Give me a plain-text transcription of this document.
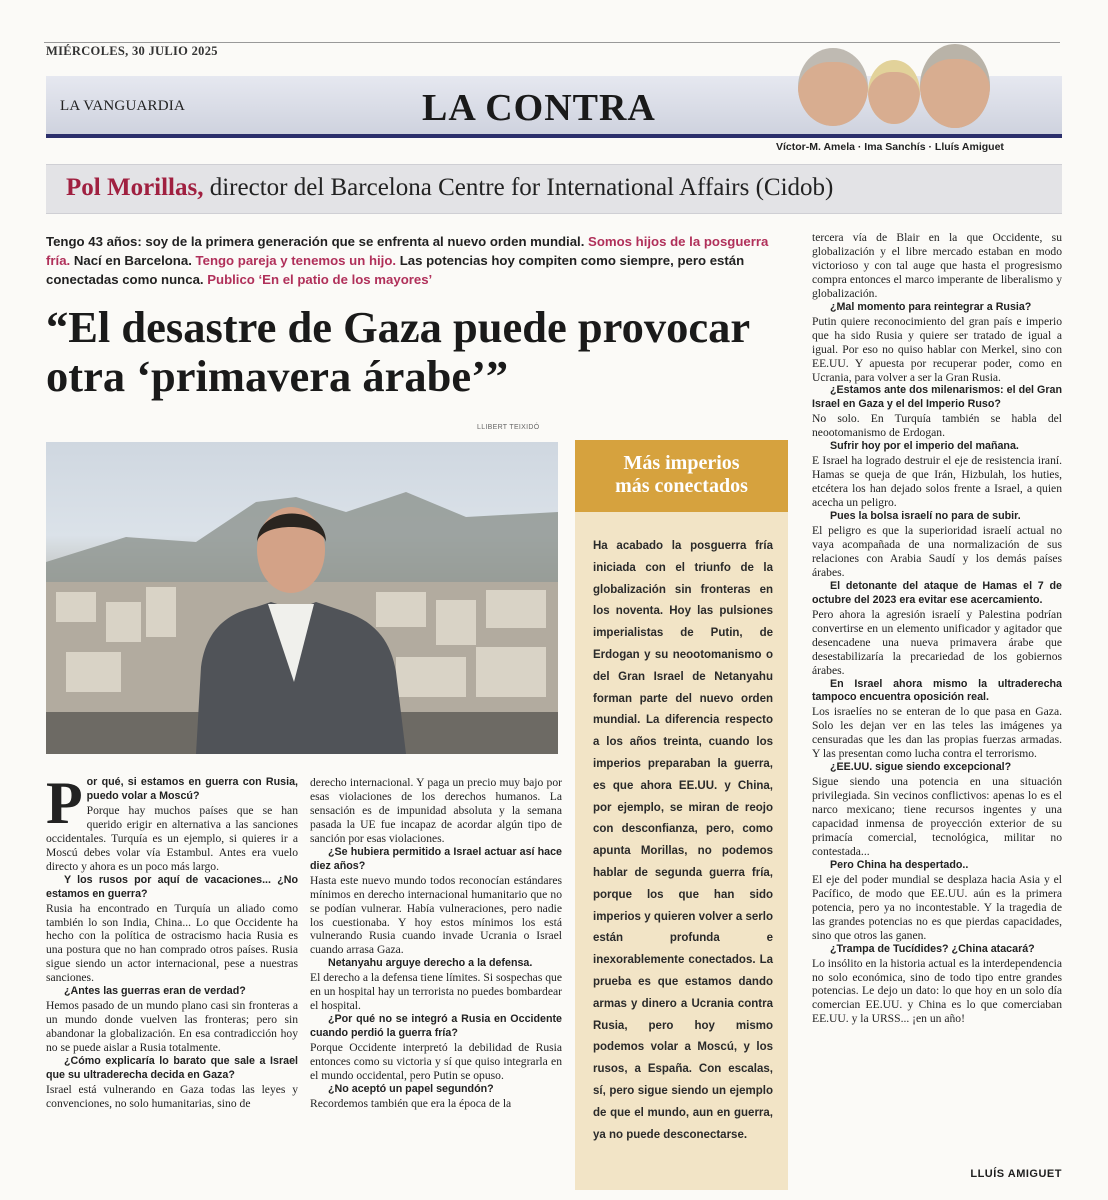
MIÉRCOLES, 30 JULIO 2025
LA VANGUARDIA	LA CONTRA
Víctor-M. Amela · Ima Sanchís · Lluís Amiguet
Pol Morillas, director del Barcelona Centre for International Affairs (Cidob)
Tengo 43 años: soy de la primera generación que se enfrenta al nuevo orden mundial. Somos hijos de la posguerra fría. Nací en Barcelona. Tengo pareja y tenemos un hijo. Las potencias hoy compiten como siempre, pero están conectadas como nunca. Publico ‘En el patio de los mayores’
“El desastre de Gaza puede provocar otra ‘primavera árabe’”
LLIBERT TEIXIDÓ
Más imperios
más conectados
Ha acabado la posguerra fría iniciada con el triunfo de la globalización sin fronteras en los noventa. Hoy las pulsiones imperialistas de Putin, de Erdogan y su neootomanismo o del Gran Israel de Netanyahu forman parte del nuevo orden mundial. La diferencia respecto a los años treinta, cuando los imperios preparaban la guerra, es que ahora EE.UU. y China, por ejemplo, se miran de reojo con desconfianza, pero, como apunta Morillas, no podemos hablar de segunda guerra fría, porque los que han sido imperios y quieren volver a serlo están profunda e inexorablemente conectados. La prueba es que estamos dando armas y dinero a Ucrania contra Rusia, pero hoy mismo podemos volar a Moscú, y los rusos, a España. Con escalas, sí, pero sigue siendo un ejemplo de que el mundo, aun en guerra, ya no puede desconectarse.
P or qué, si estamos en guerra con Rusia, puedo volar a Moscú?

Porque hay muchos países que se han querido erigir en alternativa a las sanciones occidentales. Turquía es un ejemplo, si quieres ir a Moscú debes volar vía Estambul. Antes era vuelo directo y ahora es un poco más largo.

Y los rusos por aquí de vacaciones... ¿No estamos en guerra?

Rusia ha encontrado en Turquía un aliado como también lo son India, China... Lo que Occidente ha hecho con la política de ostracismo hacia Rusia es una postura que no han comprado otros países. Rusia sigue siendo un actor internacional, pese a nuestras sanciones.

¿Antes las guerras eran de verdad?

Hemos pasado de un mundo plano casi sin fronteras a un mundo donde vuelven las fronteras; pero sin abandonar la globalización. En esa contradicción hoy no se puede aislar a Rusia totalmente.

¿Cómo explicaría lo barato que sale a Israel que su ultraderecha decida en Gaza?

Israel está vulnerando en Gaza todas las leyes y convenciones, no solo humanitarias, sino de

derecho internacional. Y paga un precio muy bajo por esas violaciones de los derechos humanos. La sensación es de impunidad absoluta y la semana pasada la UE fue incapaz de acordar algún tipo de sanción por esas violaciones.

¿Se hubiera permitido a Israel actuar así hace diez años?

Hasta este nuevo mundo todos reconocían estándares mínimos en derecho internacional humanitario que no se podían vulnerar. Había vulneraciones, pero nadie los cuestionaba. Y hoy estos mínimos los está vulnerando Rusia cuando invade Ucrania o Israel cuando arrasa Gaza.

Netanyahu arguye derecho a la defensa.

El derecho a la defensa tiene límites. Si sospechas que en un hospital hay un terrorista no puedes bombardear el hospital.

¿Por qué no se integró a Rusia en Occidente cuando perdió la guerra fría?

Porque Occidente interpretó la debilidad de Rusia entonces como su victoria y sí que quiso integrarla en el mundo occidental, pero Putin se opuso.

¿No aceptó un papel segundón?

Recordemos también que era la época de la

tercera vía de Blair en la que Occidente, su globalización y el libre mercado estaban en modo victorioso y con tal auge que hasta el progresismo compra entonces el marco imperante de liberalismo y globalización.

¿Mal momento para reintegrar a Rusia?

Putin quiere reconocimiento del gran país e imperio que ha sido Rusia y quiere ser tratado de igual a igual. Por eso no quiso hablar con Merkel, sino con EE.UU. Y apuesta por recuperar poder, como en Ucrania, para volver a ser la Gran Rusia.

¿Estamos ante dos milenarismos: el del Gran Israel en Gaza y el del Imperio Ruso?

No solo. En Turquía también se habla del neootomanismo de Erdogan.

Sufrir hoy por el imperio del mañana.

E Israel ha logrado destruir el eje de resistencia iraní. Hamas se queja de que Irán, Hizbulah, los huties, etcétera los han dejado solos frente a Israel, a quien acecha un peligro.

Pues la bolsa israelí no para de subir.

El peligro es que la superioridad israelí actual no vaya acompañada de una normalización de sus relaciones con Arabia Saudí y los demás países árabes.

El detonante del ataque de Hamas el 7 de octubre del 2023 era evitar ese acercamiento.

Pero ahora la agresión israelí y Palestina podrían convertirse en un elemento unificador y agitador que desencadene una nueva primavera árabe que desestabilizaría la precariedad de los gobiernos árabes.

En Israel ahora mismo la ultraderecha tampoco encuentra oposición real.

Los israelíes no se enteran de lo que pasa en Gaza. Solo les dejan ver en las teles las imágenes ya censuradas que les dan las propias fuerzas armadas. Y las presentan como lucha contra el terrorismo.

¿EE.UU. sigue siendo excepcional?

Sigue siendo una potencia en una situación privilegiada. Sin vecinos conflictivos: apenas lo es el narco mexicano; tiene recursos ingentes y una capacidad inmensa de proyección exterior de su primacía comercial, tecnológica, militar no contestada...

Pero China ha despertado..

El eje del poder mundial se desplaza hacia Asia y el Pacífico, de modo que EE.UU. aún es la primera potencia, pero ya no incontestable. Y la tragedia de las grandes potencias no es que pierdas capacidades, sino que otros las ganen.

¿Trampa de Tucídides? ¿China atacará?

Lo insólito en la historia actual es la interdependencia no solo económica, sino de todo tipo entre grandes potencias. Le dejo un dato: lo que hoy en un solo día comercian EE.UU. y China es lo que comerciaban EE.UU. y la URSS... ¡en un año!

LLUÍS AMIGUET
